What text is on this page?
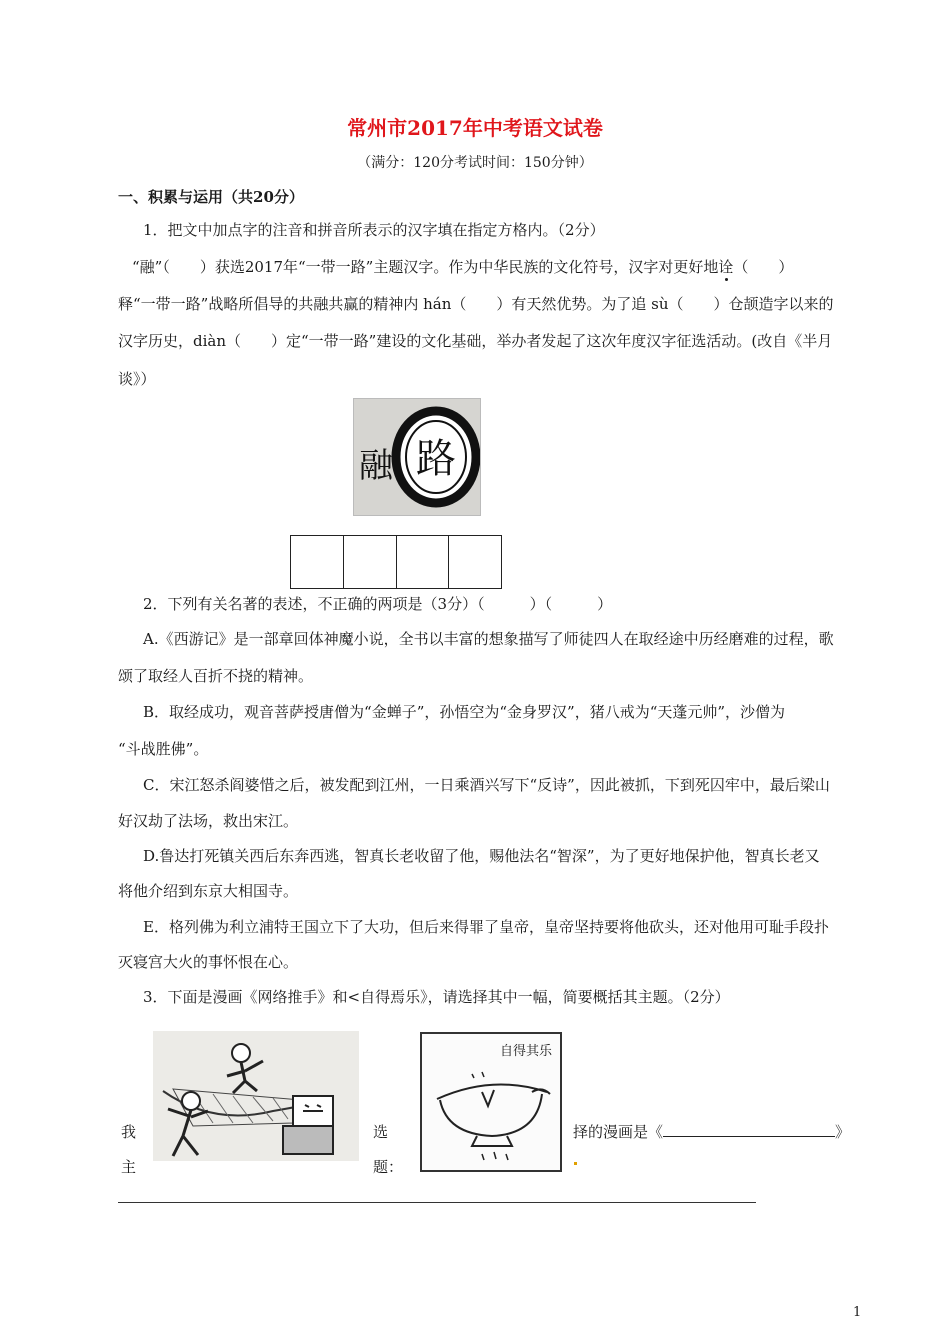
常州市2017年中考语文试卷
（满分：120分考试时间：150分钟）
一、积累与运用（共20分）
1．把文中加点字的注音和拼音所表示的汉字填在指定方格内。（2分）
“融”（　　）获选2017年“一带一路”主题汉字。作为中华民族的文化符号，汉字对更好地诠（　　）
释“一带一路”战略所倡导的共融共赢的精神内 hán（　　）有天然优势。为了追 sù（　　）仓颉造字以来的
汉字历史，diàn（　　）定“一带一路”建设的文化基础，举办者发起了这次年度汉字征选活动。(改自《半月
谈》）
路
融
2．下列有关名著的表述，不正确的两项是（3分）（　　　）（　　　）
A.《西游记》是一部章回体神魔小说，全书以丰富的想象描写了师徒四人在取经途中历经磨难的过程，歌
颂了取经人百折不挠的精神。
B．取经成功，观音菩萨授唐僧为“金蝉子”，孙悟空为“金身罗汉”，猪八戒为“天蓬元帅”，沙僧为
“斗战胜佛”。
C．宋江怒杀阎婆惜之后，被发配到江州，一日乘酒兴写下“反诗”，因此被抓，下到死囚牢中，最后梁山
好汉劫了法场，救出宋江。
D.鲁达打死镇关西后东奔西逃，智真长老收留了他，赐他法名“智深”，为了更好地保护他，智真长老又
将他介绍到东京大相国寺。
E．格列佛为利立浦特王国立下了大功，但后来得罪了皇帝，皇帝坚持要将他砍头，还对他用可耻手段扑
灭寝宫大火的事怀恨在心。
3．下面是漫画《网络推手》和<自得焉乐》，请选择其中一幅，简要概括其主题。（2分）
自得其乐
我
主
选
题：
择的漫画是《	》
1
